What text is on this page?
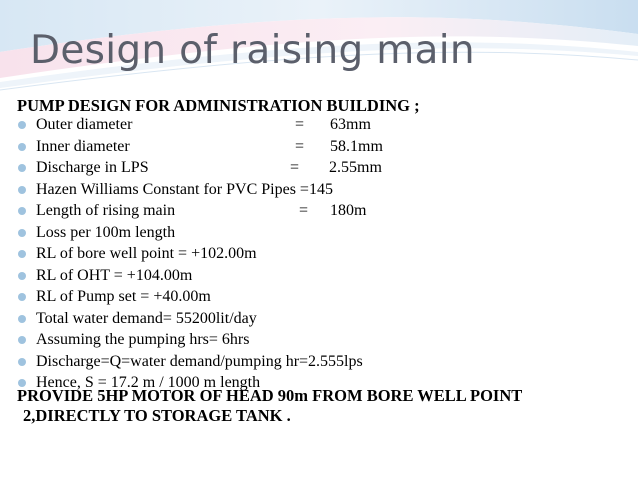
Design of raising main
PUMP DESIGN FOR ADMINISTRATION BUILDING ;
Outer diameter	= 63mm
Inner diameter	= 58.1mm
Discharge in LPS	= 2.55mm
Hazen Williams Constant for PVC Pipes =145
Length of rising main	= 180m
Loss per 100m length
RL of bore well point = +102.00m
RL of OHT = +104.00m
RL of Pump set = +40.00m
Total water demand= 55200lit/day
Assuming the pumping hrs= 6hrs
Discharge=Q=water demand/pumping hr=2.555lps
Hence, S = 17.2 m / 1000 m length
PROVIDE 5HP MOTOR OF HEAD 90m FROM BORE WELL POINT
2,DIRECTLY TO STORAGE TANK .
